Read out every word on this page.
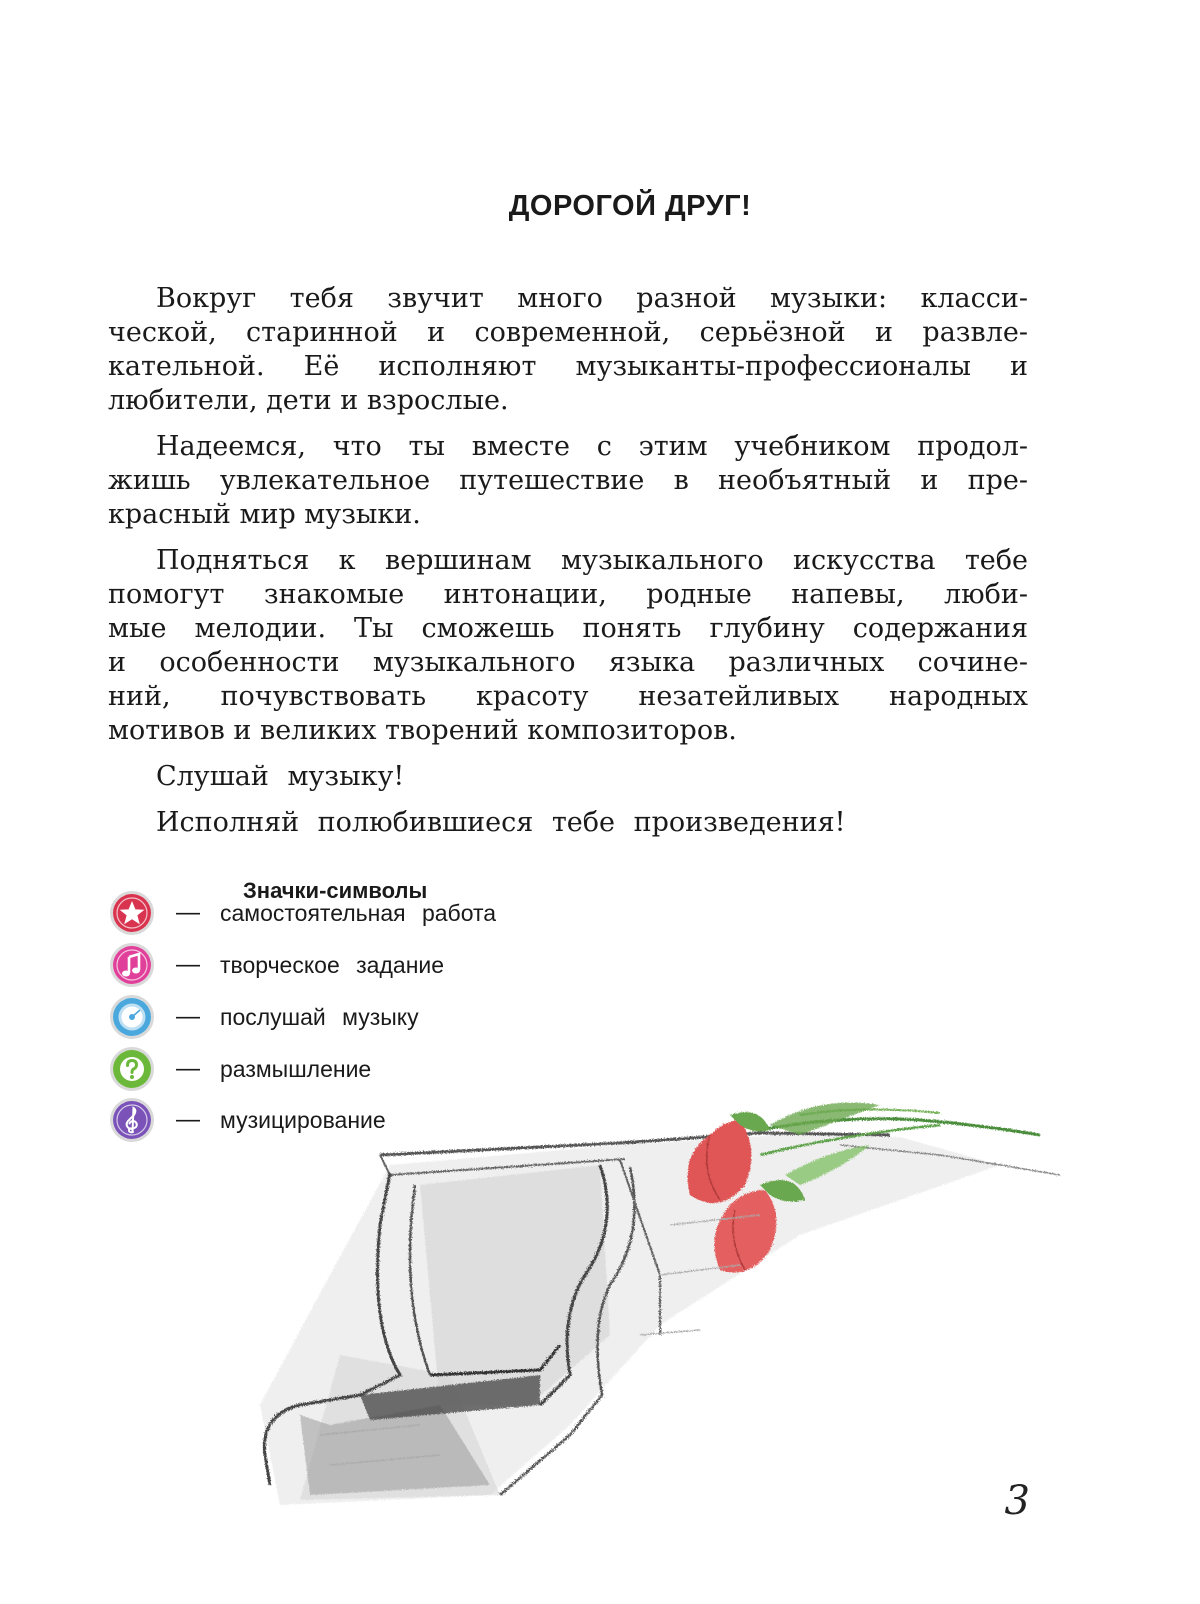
ДОРОГОЙ ДРУГ!

Вокруг тебя звучит много разной музыки: класси-
ческой, старинной и современной, серьёзной и развле-
кательной. Её исполняют музыканты-профессионалы и
любители, дети и взрослые.

Надеемся, что ты вместе с этим учебником продол-
жишь увлекательное путешествие в необъятный и пре-
красный мир музыки.

Подняться к вершинам музыкального искусства тебе
помогут знакомые интонации, родные напевы, люби-
мые мелодии. Ты сможешь понять глубину содержания
и особенности музыкального языка различных сочине-
ний, почувствовать красоту незатейливых народных
мотивов и великих творений композиторов.

Слушай музыку!

Исполняй полюбившиеся тебе произведения!

Значки-символы
— самостоятельная работа
— творческое задание
— послушай музыку
— размышление
— музицирование
3
